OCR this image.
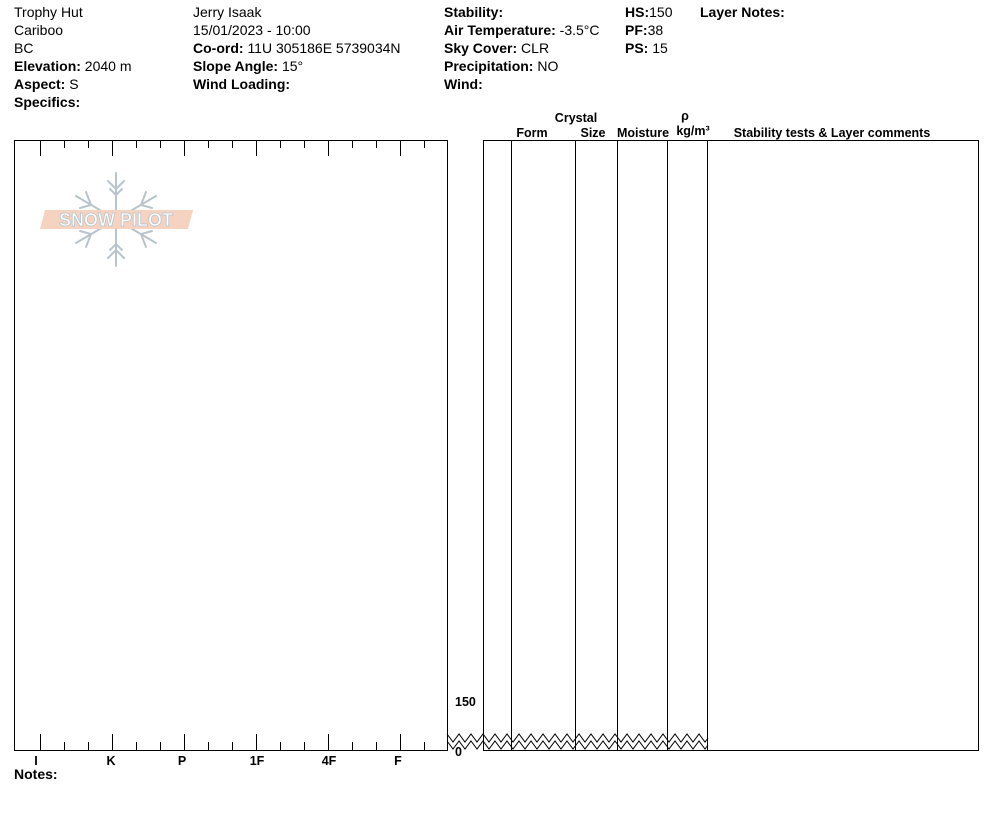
Trophy Hut
Cariboo
BC
Elevation: 2040 m
Aspect: S
Specifics:
Jerry Isaak
15/01/2023 - 10:00
Co-ord: 11U 305186E 5739034N
Slope Angle: 15°
Wind Loading:
Stability:
Air Temperature: -3.5°C
Sky Cover: CLR
Precipitation: NO
Wind:
HS:150
PF:38
PS: 15
Layer Notes:
Crystal
Form	Size Moisture
ρ
kg/m³	Stability tests & Layer comments
I	K	P	1F	4F	F
SNOW PILOT
150
0
Notes:
